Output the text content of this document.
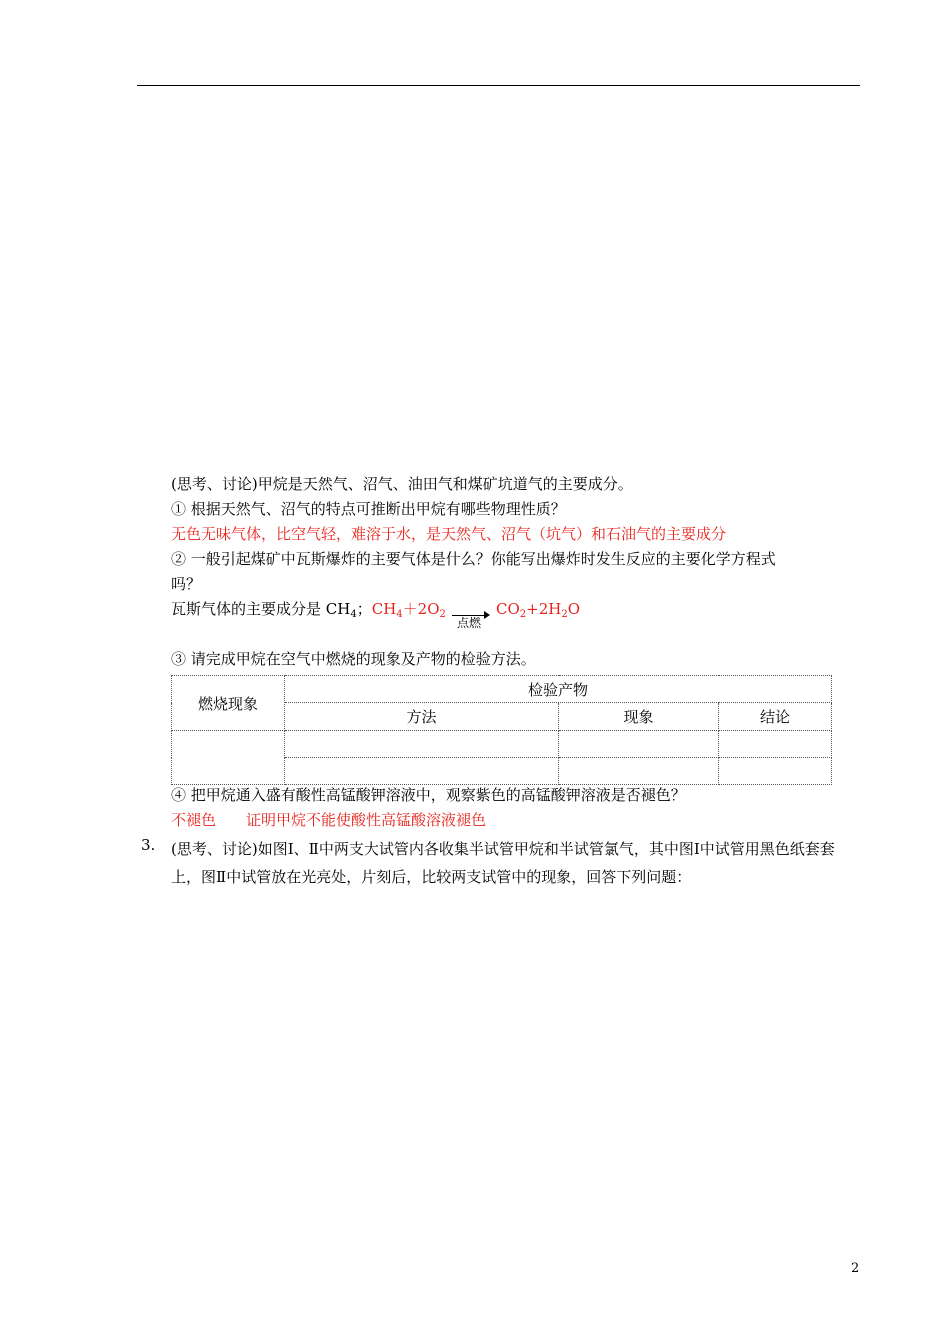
(思考、讨论)甲烷是天然气、沼气、油田气和煤矿坑道气的主要成分。
① 根据天然气、沼气的特点可推断出甲烷有哪些物理性质？
无色无味气体，比空气轻，难溶于水，是天然气、沼气（坑气）和石油气的主要成分
② 一般引起煤矿中瓦斯爆炸的主要气体是什么？你能写出爆炸时发生反应的主要化学方程式
吗？
瓦斯气体的主要成分是 $CH_4$；$CH_4+2O_2$
点燃
$CO_2+2H_2O$
③ 请完成甲烷在空气中燃烧的现象及产物的检验方法。
燃烧现象	检验产物		
	方法	现象	结论

④ 把甲烷通入盛有酸性高锰酸钾溶液中，观察紫色的高锰酸钾溶液是否褪色？
不褪色 证明甲烷不能使酸性高锰酸溶液褪色
3. (思考、讨论)如图Ⅰ、Ⅱ中两支大试管内各收集半试管甲烷和半试管氯气，其中图Ⅰ中试管用黑色纸套套上，图Ⅱ中试管放在光亮处，片刻后，比较两支试管中的现象，回答下列问题：
2
